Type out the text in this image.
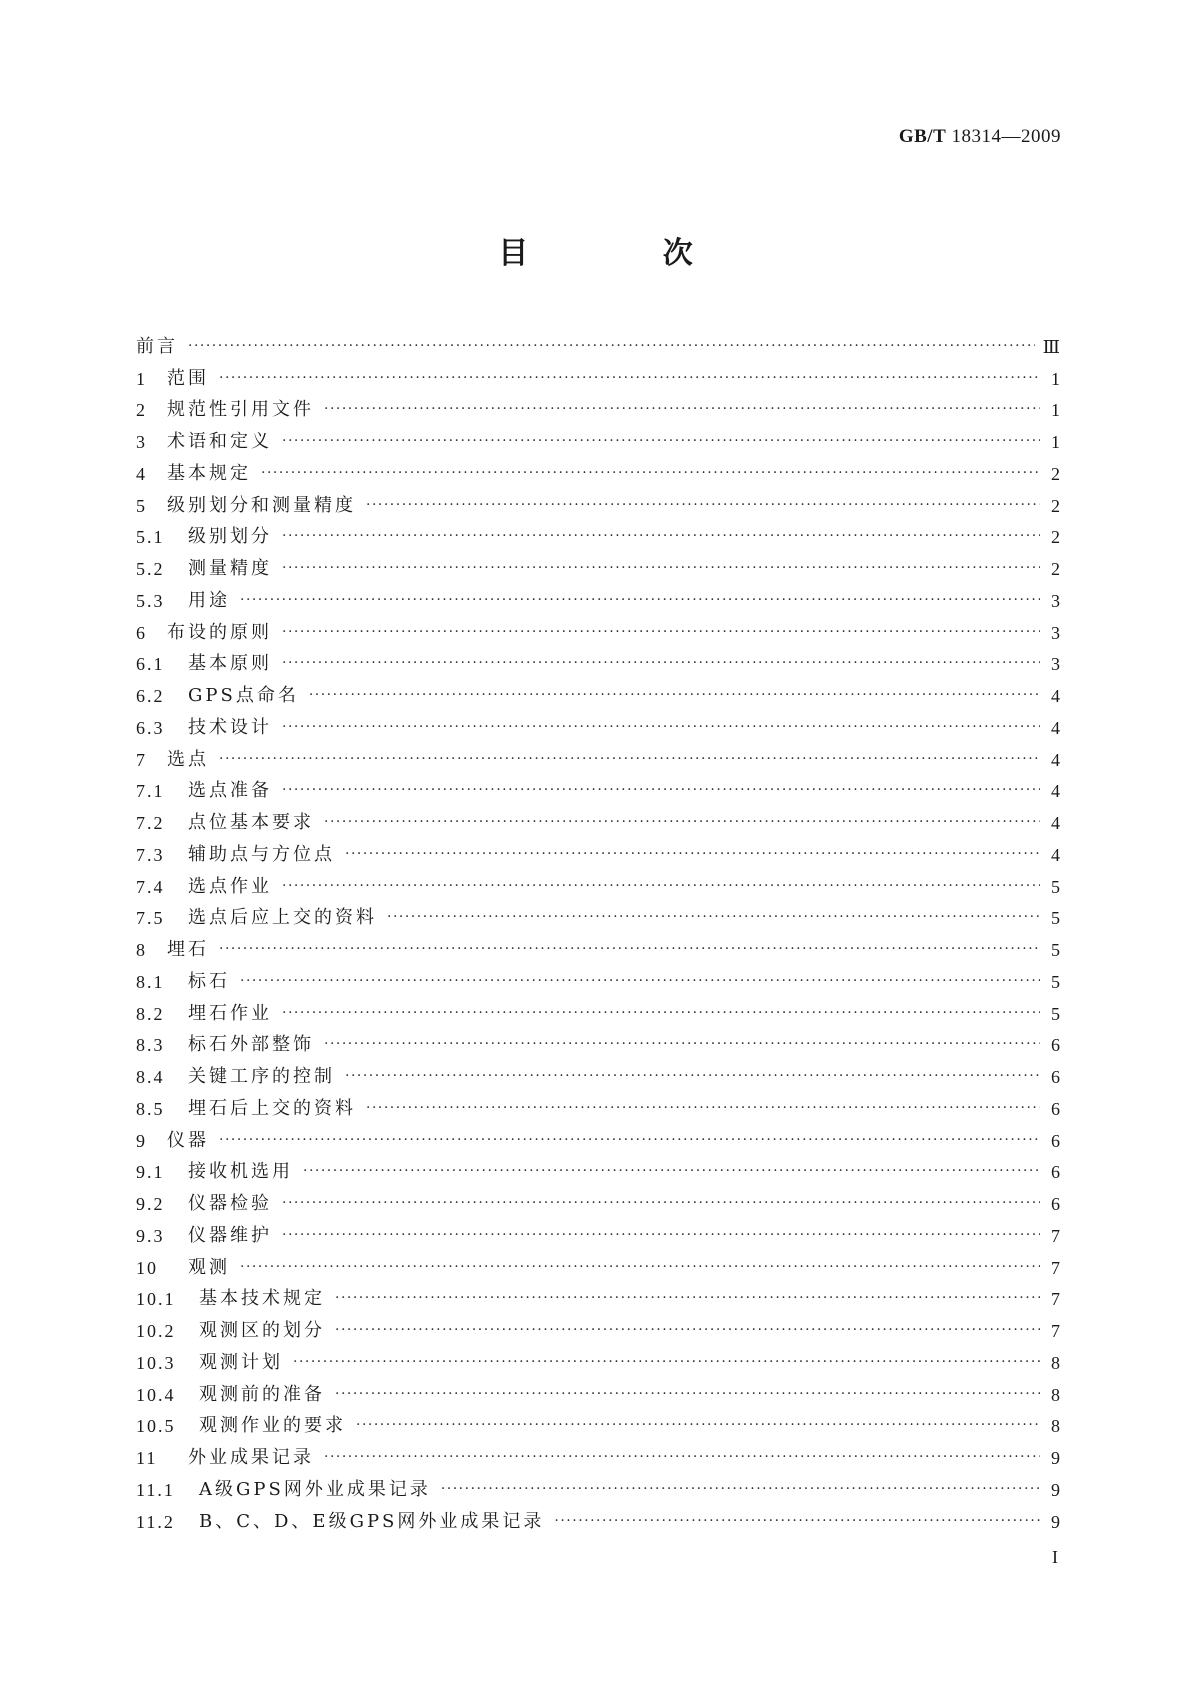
GB/T 18314—2009
目 次
前言 ·····	Ⅲ
1	范围 ·····	1
2	规范性引用文件 ·····	1
3	术语和定义 ·····	1
4	基本规定 ·····	2
5	级别划分和测量精度 ·····	2
5.1	级别划分 ·····	2
5.2	测量精度 ·····	2
5.3	用途 ·····	3
6	布设的原则 ·····	3
6.1	基本原则 ·····	3
6.2	GPS点命名 ·····	4
6.3	技术设计 ·····	4
7	选点 ·····	4
7.1	选点准备 ·····	4
7.2	点位基本要求 ·····	4
7.3	辅助点与方位点 ·····	4
7.4	选点作业 ·····	5
7.5	选点后应上交的资料 ·····	5
8	埋石 ·····	5
8.1	标石 ·····	5
8.2	埋石作业 ·····	5
8.3	标石外部整饰 ·····	6
8.4	关键工序的控制 ·····	6
8.5	埋石后上交的资料 ·····	6
9	仪器 ·····	6
9.1	接收机选用 ·····	6
9.2	仪器检验 ·····	6
9.3	仪器维护 ·····	7
10	观测 ·····	7
10.1	基本技术规定 ·····	7
10.2	观测区的划分 ·····	7
10.3	观测计划 ·····	8
10.4	观测前的准备 ·····	8
10.5	观测作业的要求 ·····	8
11	外业成果记录 ·····	9
11.1	A级GPS网外业成果记录 ·····	9
11.2	B、C、D、E级GPS网外业成果记录 ·····	9
I
